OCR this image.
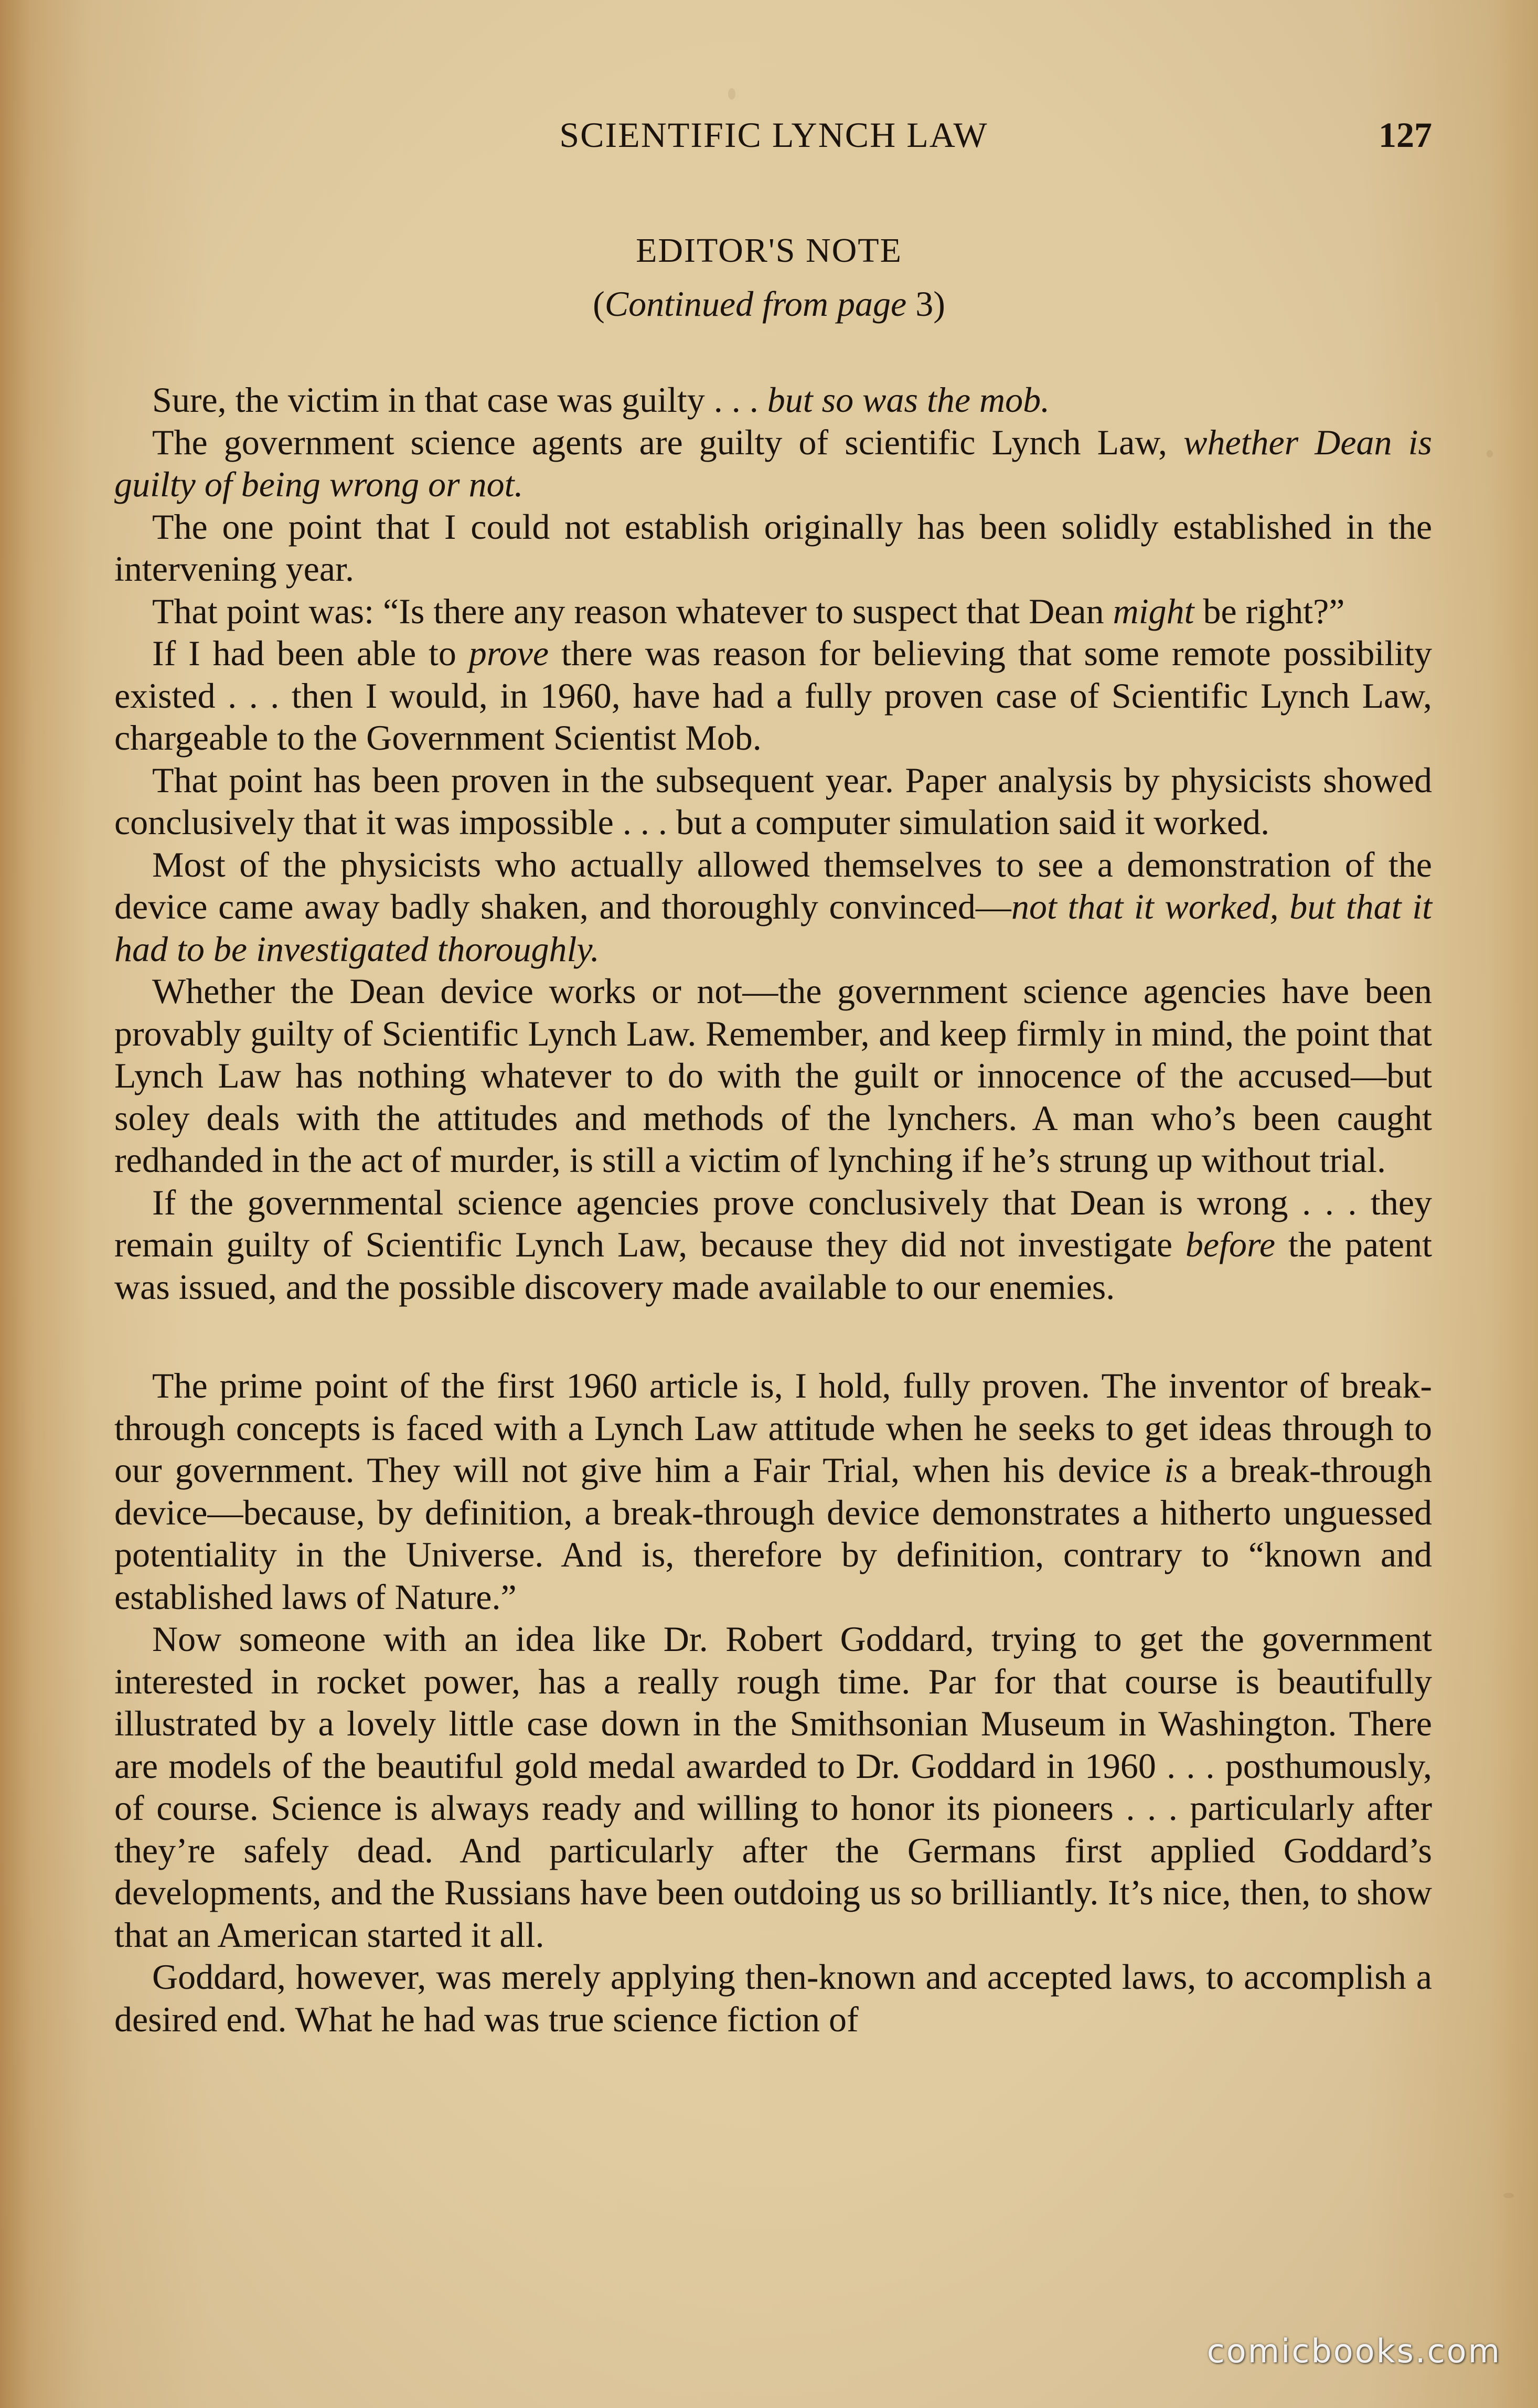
SCIENTIFIC LYNCH LAW	127
EDITOR'S NOTE
(Continued from page 3)

Sure, the victim in that case was guilty . . . but so was the mob.

The government science agents are guilty of scientific Lynch Law, whether Dean is guilty of being wrong or not.

The one point that I could not establish originally has been solidly established in the intervening year.

That point was: “Is there any reason whatever to suspect that Dean might be right?”

If I had been able to prove there was reason for believing that some remote possibility existed . . . then I would, in 1960, have had a fully proven case of Scientific Lynch Law, chargeable to the Government Scientist Mob.

That point has been proven in the subsequent year. Paper analysis by physicists showed conclusively that it was impossible . . . but a computer simulation said it worked.

Most of the physicists who actually allowed themselves to see a demonstration of the device came away badly shaken, and thoroughly convinced—not that it worked, but that it had to be investigated thoroughly.

Whether the Dean device works or not—the government science agencies have been provably guilty of Scientific Lynch Law. Remember, and keep firmly in mind, the point that Lynch Law has nothing whatever to do with the guilt or innocence of the accused—but soley deals with the attitudes and methods of the lynchers. A man who’s been caught redhanded in the act of murder, is still a victim of lynching if he’s strung up without trial.

If the governmental science agencies prove conclusively that Dean is wrong . . . they remain guilty of Scientific Lynch Law, because they did not investigate before the patent was issued, and the possible discovery made available to our enemies.

The prime point of the first 1960 article is, I hold, fully proven. The inventor of break-through concepts is faced with a Lynch Law attitude when he seeks to get ideas through to our government. They will not give him a Fair Trial, when his device is a break-through device—because, by definition, a break-through device demonstrates a hitherto unguessed potentiality in the Universe. And is, therefore by definition, contrary to “known and established laws of Nature.”

Now someone with an idea like Dr. Robert Goddard, trying to get the government interested in rocket power, has a really rough time. Par for that course is beautifully illustrated by a lovely little case down in the Smithsonian Museum in Washington. There are models of the beautiful gold medal awarded to Dr. Goddard in 1960 . . . posthumously, of course. Science is always ready and willing to honor its pioneers . . . particularly after they’re safely dead. And particularly after the Germans first applied Goddard’s developments, and the Russians have been outdoing us so brilliantly. It’s nice, then, to show that an American started it all.

Goddard, however, was merely applying then-known and accepted laws, to accomplish a desired end. What he had was true science fiction of

comicbooks.com
